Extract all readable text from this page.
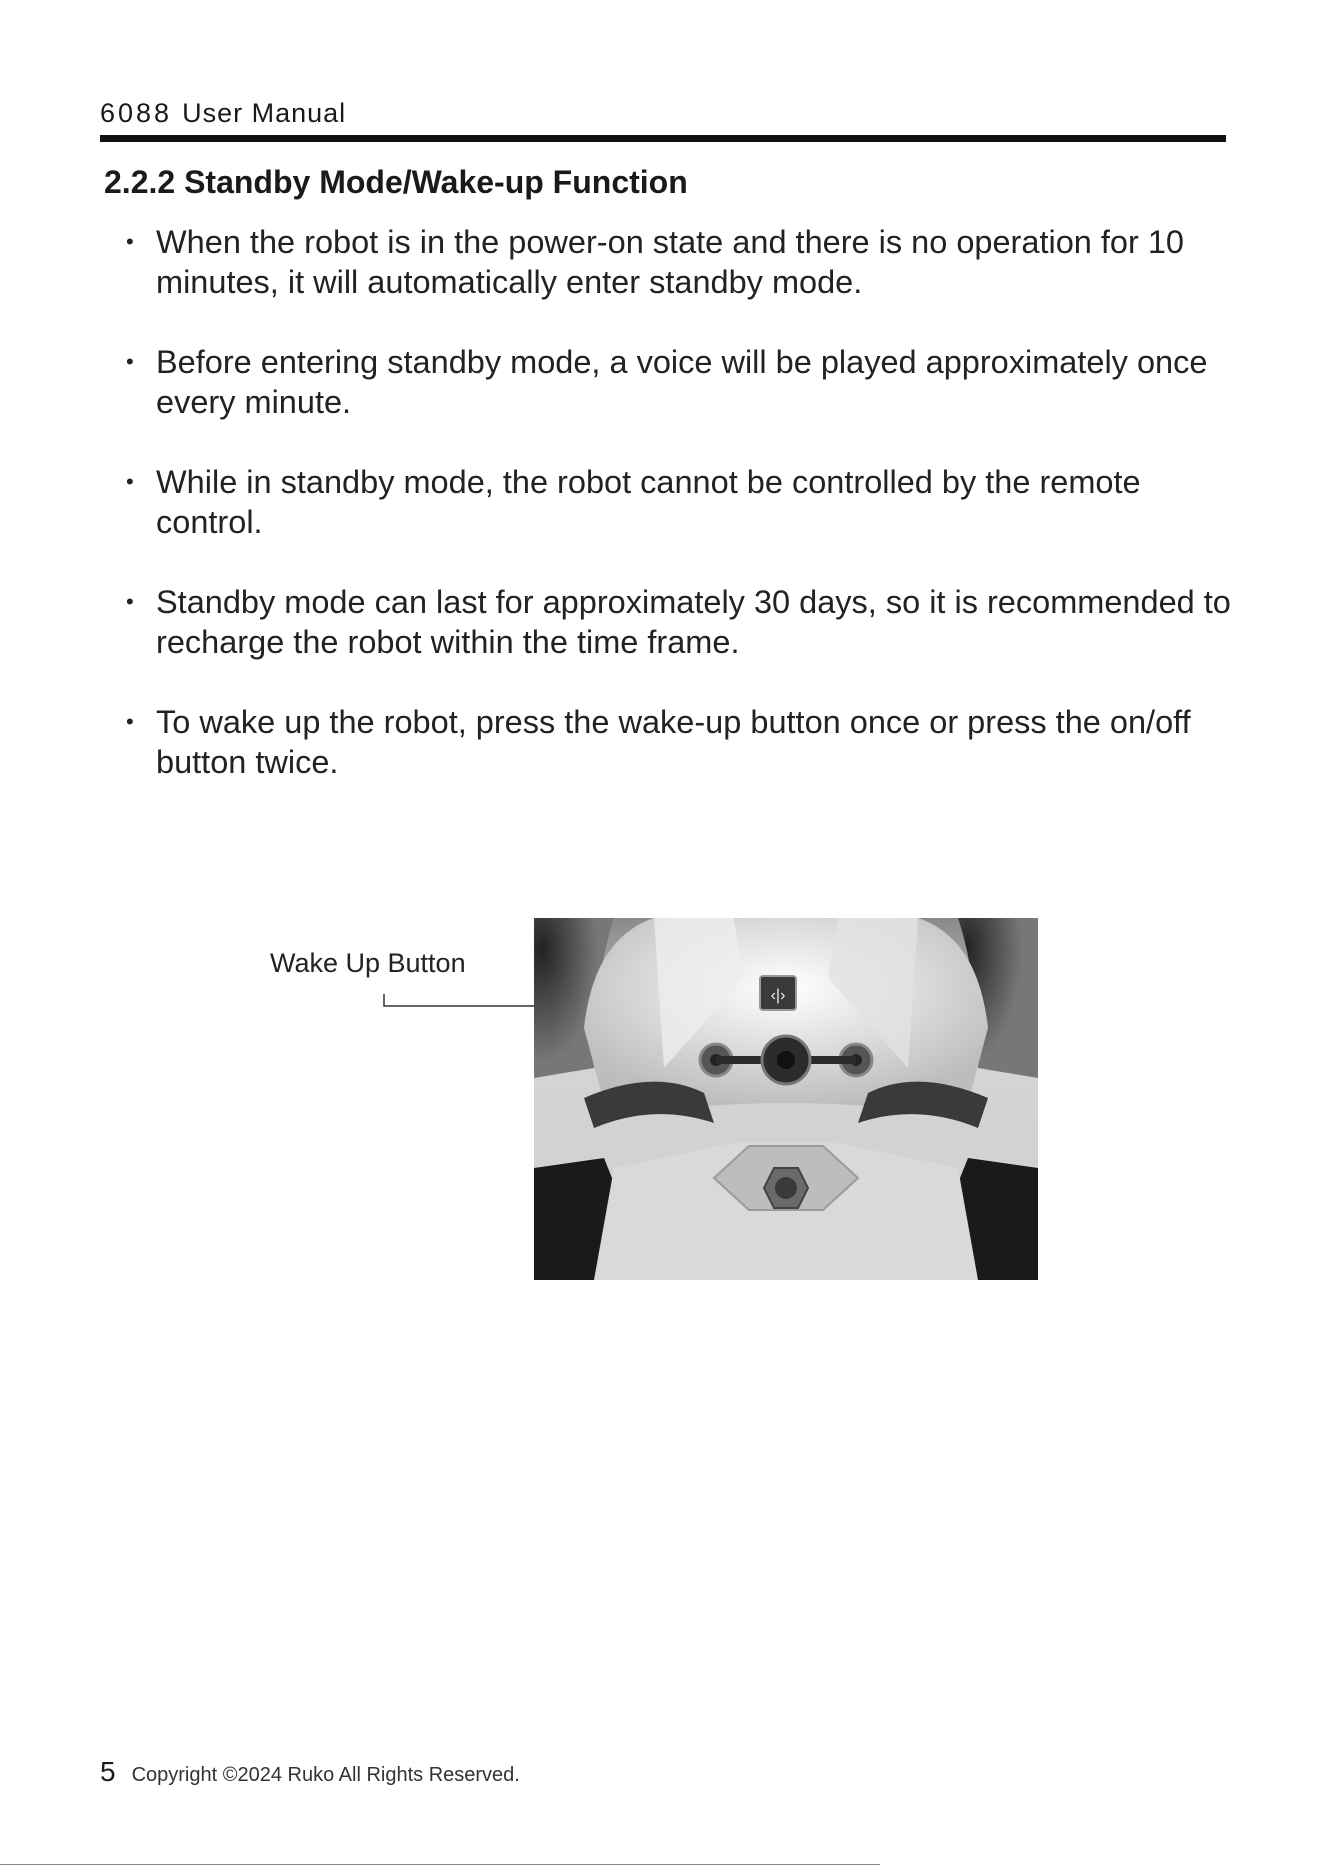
6088 User Manual
2.2.2 Standby Mode/Wake-up Function
• When the robot is in the power-on state and there is no operation for 10 minutes, it will automatically enter standby mode.
• Before entering standby mode, a voice will be played approximately once every minute.
• While in standby mode, the robot cannot be controlled by the remote control.
• Standby mode can last for approximately 30 days, so it is recommended to recharge the robot within the time frame.
• To wake up the robot, press the wake-up button once or press the on/off button twice.
Wake Up Button
‹|›
5 Copyright ©2024 Ruko All Rights Reserved.
